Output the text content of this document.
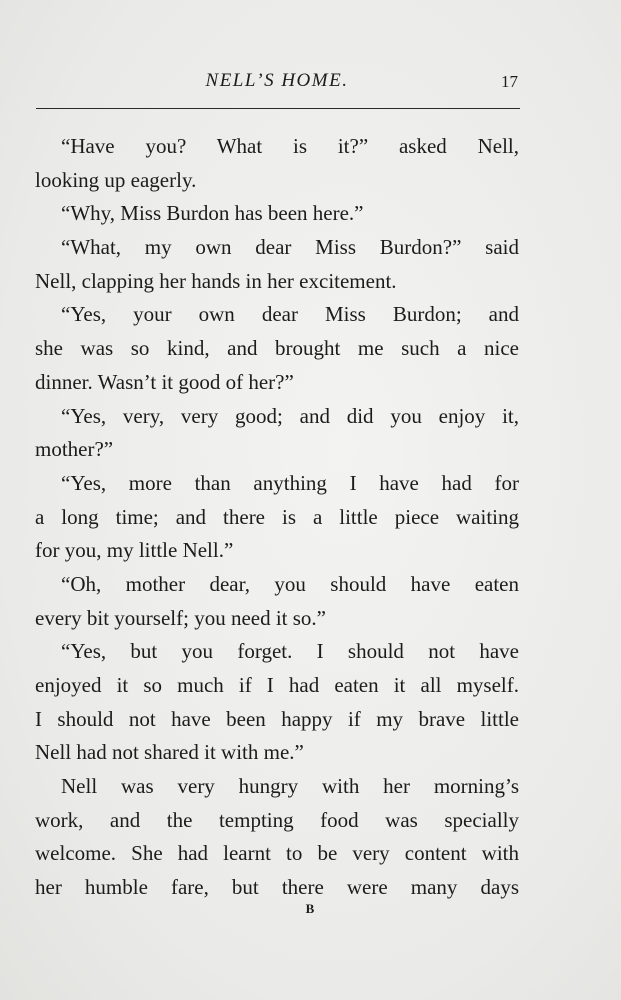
NELL’S HOME.	17
“Have you? What is it?” asked Nell,
looking up eagerly.
“Why, Miss Burdon has been here.”
“What, my own dear Miss Burdon?” said
Nell, clapping her hands in her excitement.
“Yes, your own dear Miss Burdon; and
she was so kind, and brought me such a nice
dinner. Wasn’t it good of her?”
“Yes, very, very good; and did you enjoy it,
mother?”
“Yes, more than anything I have had for
a long time; and there is a little piece waiting
for you, my little Nell.”
“Oh, mother dear, you should have eaten
every bit yourself; you need it so.”
“Yes, but you forget. I should not have
enjoyed it so much if I had eaten it all myself.
I should not have been happy if my brave little
Nell had not shared it with me.”
Nell was very hungry with her morning’s
work, and the tempting food was specially
welcome. She had learnt to be very content with
her humble fare, but there were many days
B
